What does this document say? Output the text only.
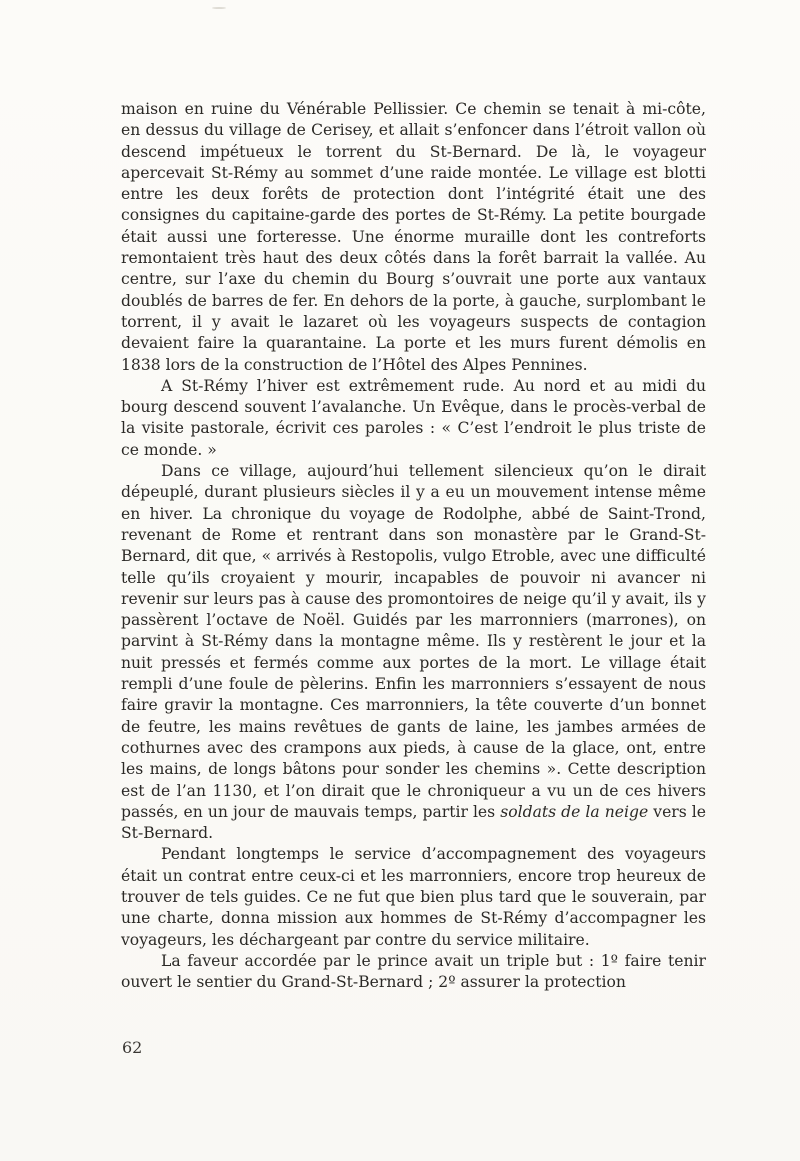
maison en ruine du Vénérable Pellissier. Ce chemin se tenait à mi-côte, en dessus du village de Cerisey, et allait s’enfoncer dans l’étroit vallon où descend impétueux le torrent du St-Bernard. De là, le voyageur apercevait St-Rémy au sommet d’une raide montée. Le village est blotti entre les deux forêts de protection dont l’intégrité était une des consignes du capitaine-garde des portes de St-Rémy. La petite bourgade était aussi une forteresse. Une énorme muraille dont les contreforts remontaient très haut des deux côtés dans la forêt barrait la vallée. Au centre, sur l’axe du chemin du Bourg s’ouvrait une porte aux vantaux doublés de barres de fer. En dehors de la porte, à gauche, surplombant le torrent, il y avait le lazaret où les voyageurs suspects de contagion devaient faire la quarantaine. La porte et les murs furent démolis en 1838 lors de la construction de l’Hôtel des Alpes Pennines.

A St-Rémy l’hiver est extrêmement rude. Au nord et au midi du bourg descend souvent l’avalanche. Un Evêque, dans le procès-verbal de la visite pastorale, écrivit ces paroles : « C’est l’endroit le plus triste de ce monde. »

Dans ce village, aujourd’hui tellement silencieux qu’on le dirait dépeuplé, durant plusieurs siècles il y a eu un mouvement intense même en hiver. La chronique du voyage de Rodolphe, abbé de Saint-Trond, revenant de Rome et rentrant dans son monastère par le Grand-St-Bernard, dit que, « arrivés à Restopolis, vulgo Etroble, avec une difficulté telle qu’ils croyaient y mourir, incapables de pouvoir ni avancer ni revenir sur leurs pas à cause des promontoires de neige qu’il y avait, ils y passèrent l’octave de Noël. Guidés par les marronniers (marrones), on parvint à St-Rémy dans la montagne même. Ils y restèrent le jour et la nuit pressés et fermés comme aux portes de la mort. Le village était rempli d’une foule de pèlerins. Enfin les marronniers s’essayent de nous faire gravir la montagne. Ces marronniers, la tête couverte d’un bonnet de feutre, les mains revêtues de gants de laine, les jambes armées de cothurnes avec des crampons aux pieds, à cause de la glace, ont, entre les mains, de longs bâtons pour sonder les chemins ». Cette description est de l’an 1130, et l’on dirait que le chroniqueur a vu un de ces hivers passés, en un jour de mauvais temps, partir les soldats de la neige vers le St-Bernard.

Pendant longtemps le service d’accompagnement des voyageurs était un contrat entre ceux-ci et les marronniers, encore trop heureux de trouver de tels guides. Ce ne fut que bien plus tard que le souverain, par une charte, donna mission aux hommes de St-Rémy d’accompagner les voyageurs, les déchargeant par contre du service militaire.

La faveur accordée par le prince avait un triple but : 1º faire tenir ouvert le sentier du Grand-St-Bernard ; 2º assurer la protection

62
